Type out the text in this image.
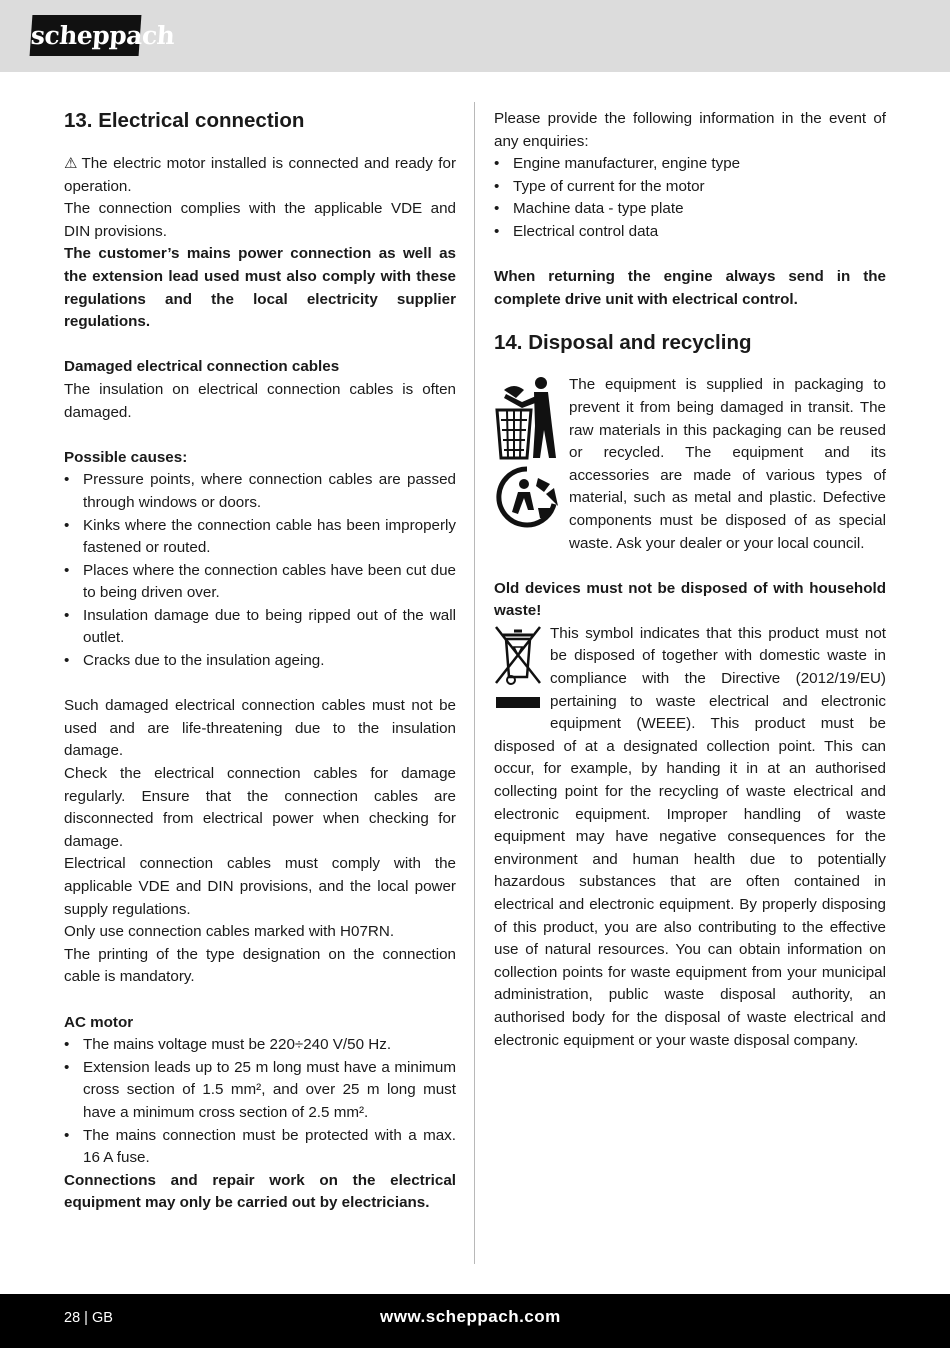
scheppach
13. Electrical connection

⚠ The electric motor installed is connected and ready for operation.

The connection complies with the applicable VDE and DIN provisions.

The customer’s mains power connection as well as the extension lead used must also comply with these regulations and the local electricity supplier regulations.

Damaged electrical connection cables

The insulation on electrical connection cables is often damaged.

Possible causes:

• Pressure points, where connection cables are passed through windows or doors.
• Kinks where the connection cable has been improperly fastened or routed.
• Places where the connection cables have been cut due to being driven over.
• Insulation damage due to being ripped out of the wall outlet.
• Cracks due to the insulation ageing.

Such damaged electrical connection cables must not be used and are life-threatening due to the insulation damage.

Check the electrical connection cables for damage regularly. Ensure that the connection cables are disconnected from electrical power when checking for damage.

Electrical connection cables must comply with the applicable VDE and DIN provisions, and the local power supply regulations.

Only use connection cables marked with H07RN.

The printing of the type designation on the connection cable is mandatory.

AC motor

• The mains voltage must be 220÷240 V/50 Hz.
• Extension leads up to 25 m long must have a minimum cross section of 1.5 mm², and over 25 m long must have a minimum cross section of 2.5 mm².
• The mains connection must be protected with a max. 16 A fuse.

Connections and repair work on the electrical equipment may only be carried out by electricians.

Please provide the following information in the event of any enquiries:

• Engine manufacturer, engine type
• Type of current for the motor
• Machine data - type plate
• Electrical control data

When returning the engine always send in the complete drive unit with electrical control.

14. Disposal and recycling

The equipment is supplied in packaging to prevent it from being damaged in transit. The raw materials in this packaging can be reused or recycled. The equipment and its accessories are made of various types of material, such as metal and plastic. Defective components must be disposed of as special waste. Ask your dealer or your local council.

Old devices must not be disposed of with household waste!

This symbol indicates that this product must not be disposed of together with domestic waste in compliance with the Directive (2012/19/EU) pertaining to waste electrical and electronic equipment (WEEE). This product must be disposed of at a designated collection point. This can occur, for example, by handing it in at an authorised collecting point for the recycling of waste electrical and electronic equipment. Improper handling of waste equipment may have negative consequences for the environment and human health due to potentially hazardous substances that are often contained in electrical and electronic equipment. By properly disposing of this product, you are also contributing to the effective use of natural resources. You can obtain information on collection points for waste equipment from your municipal administration, public waste disposal authority, an authorised body for the disposal of waste electrical and electronic equipment or your waste disposal company.

28 | GB	www.scheppach.com
